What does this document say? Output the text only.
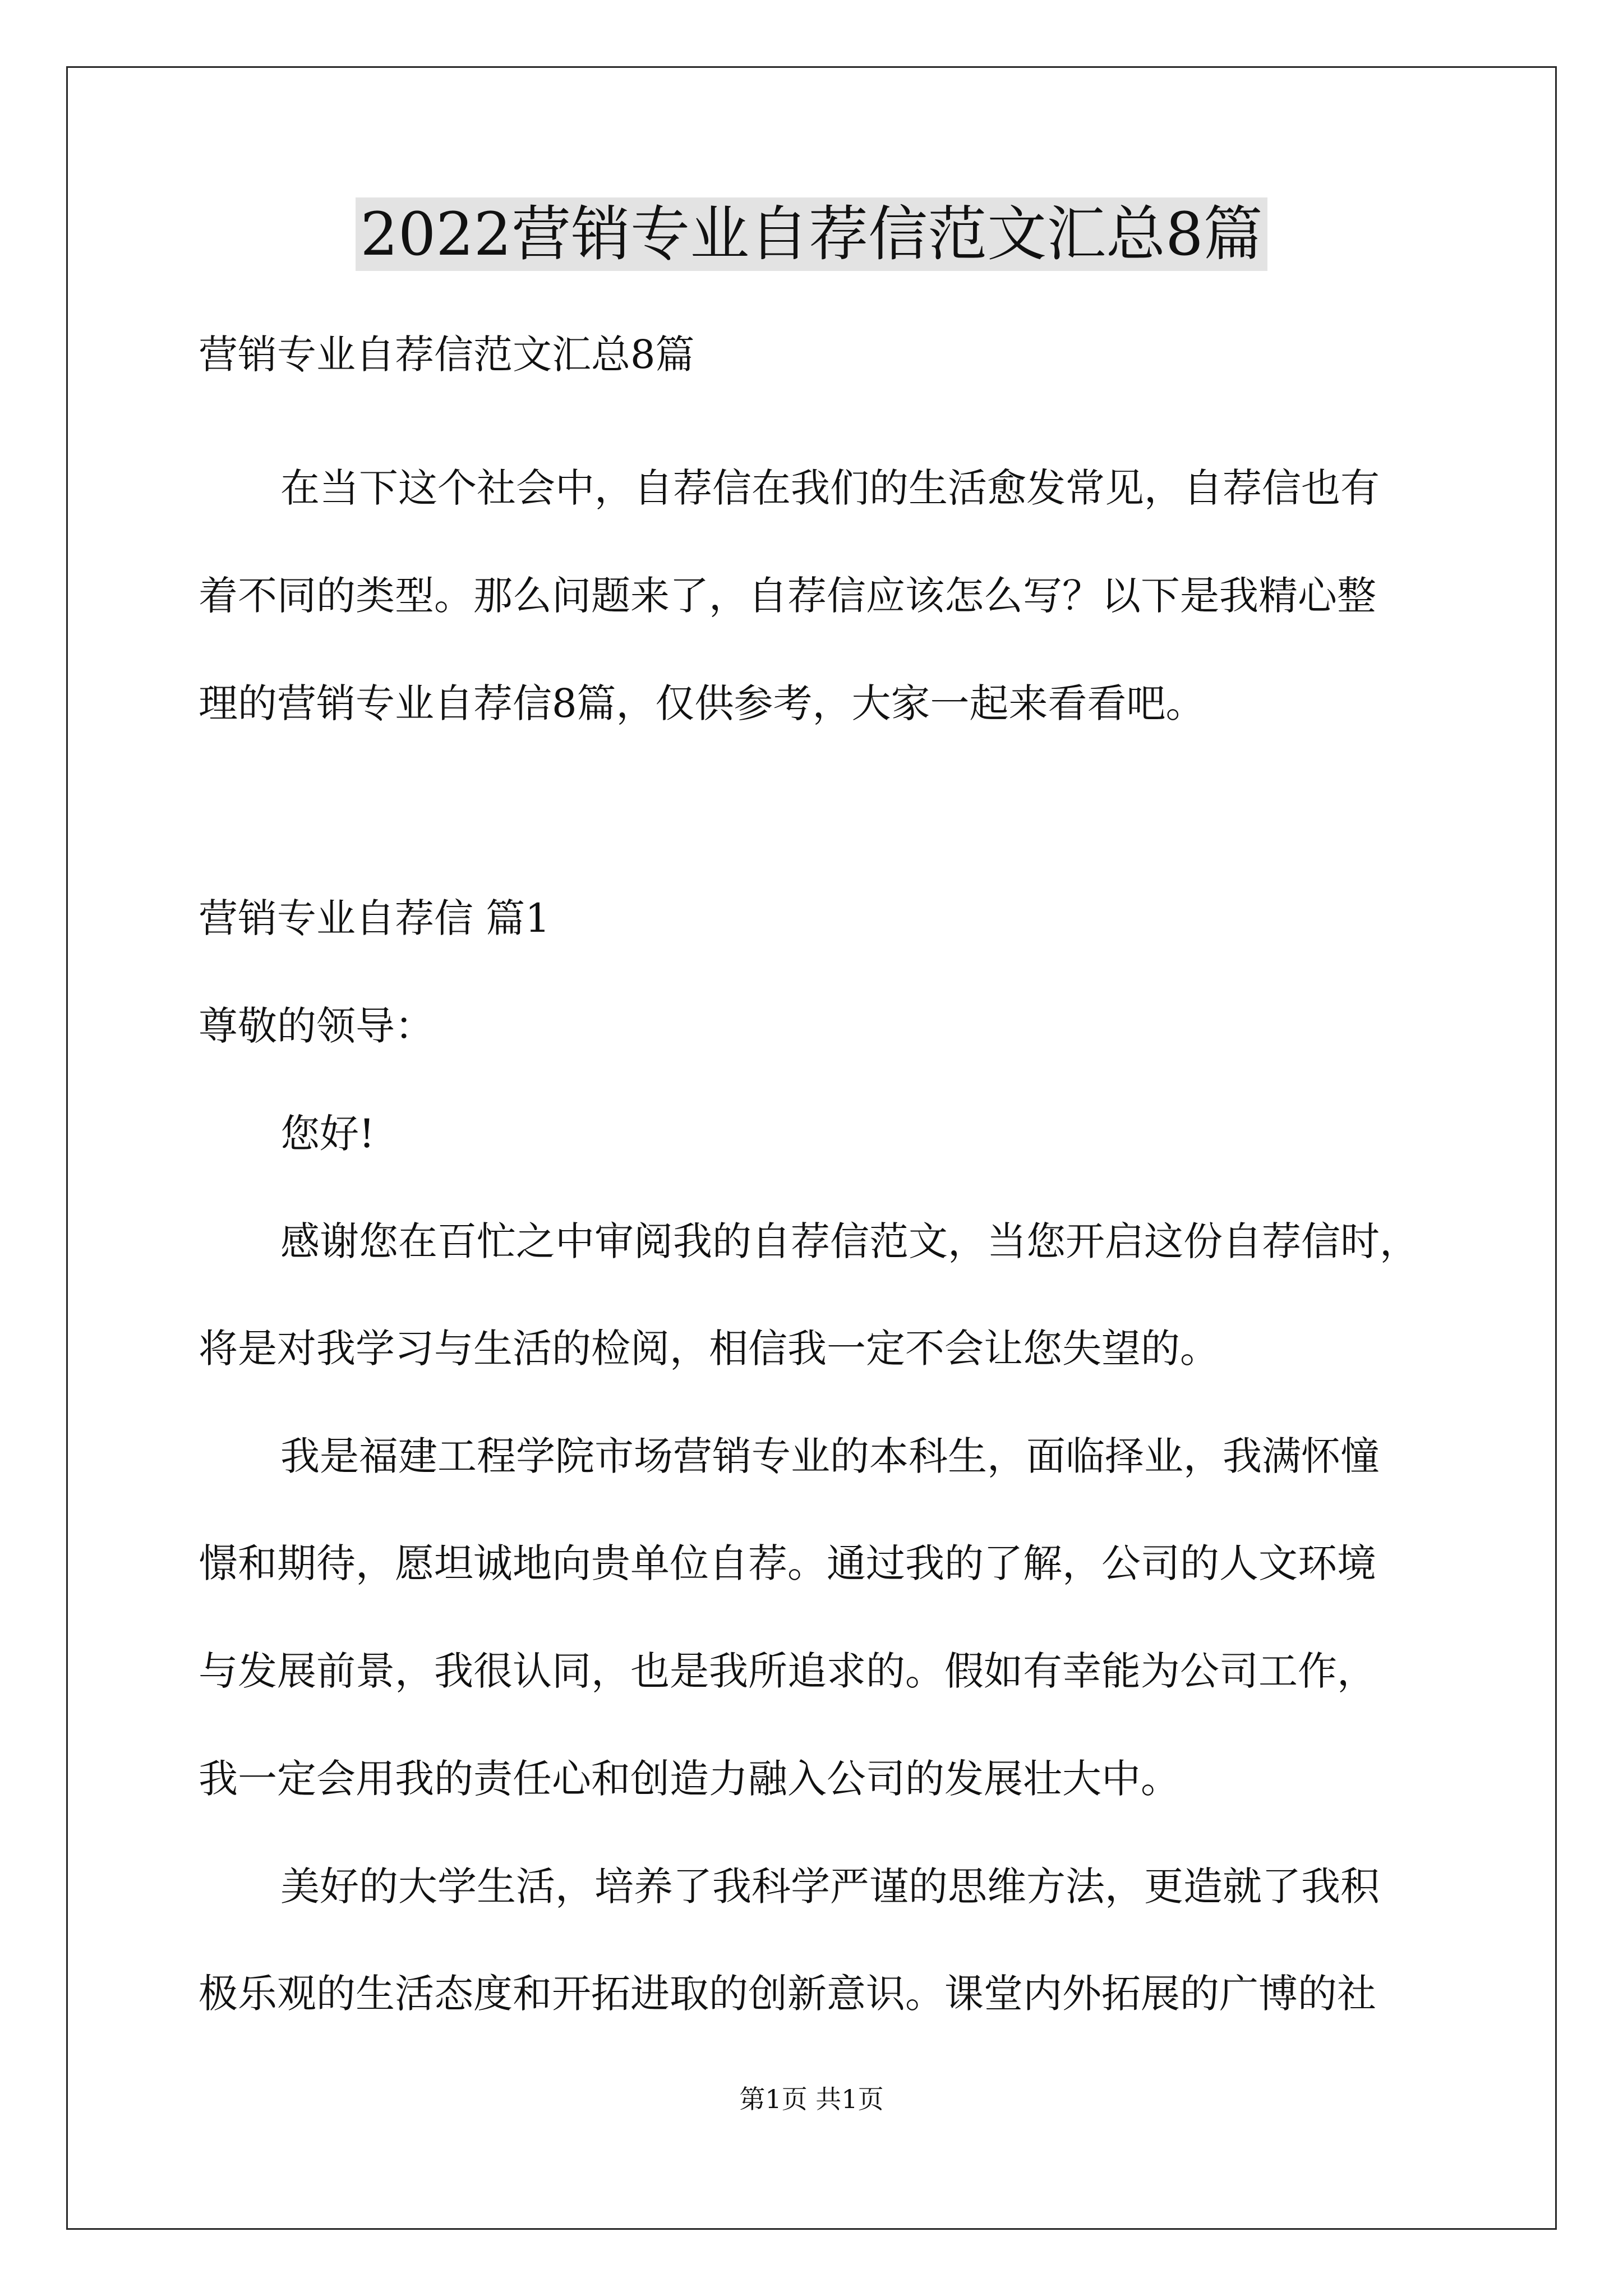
2022营销专业自荐信范文汇总8篇
营销专业自荐信范文汇总8篇
在当下这个社会中，自荐信在我们的生活愈发常见，自荐信也有
着不同的类型。那么问题来了，自荐信应该怎么写？以下是我精心整
理的营销专业自荐信8篇，仅供参考，大家一起来看看吧。
营销专业自荐信 篇1
尊敬的领导：
您好!
感谢您在百忙之中审阅我的自荐信范文，当您开启这份自荐信时，
将是对我学习与生活的检阅，相信我一定不会让您失望的。
我是福建工程学院市场营销专业的本科生，面临择业，我满怀憧
憬和期待，愿坦诚地向贵单位自荐。通过我的了解，公司的人文环境
与发展前景，我很认同，也是我所追求的。假如有幸能为公司工作，
我一定会用我的责任心和创造力融入公司的发展壮大中。
美好的大学生活，培养了我科学严谨的思维方法，更造就了我积
极乐观的生活态度和开拓进取的创新意识。课堂内外拓展的广博的社
第1页 共1页
